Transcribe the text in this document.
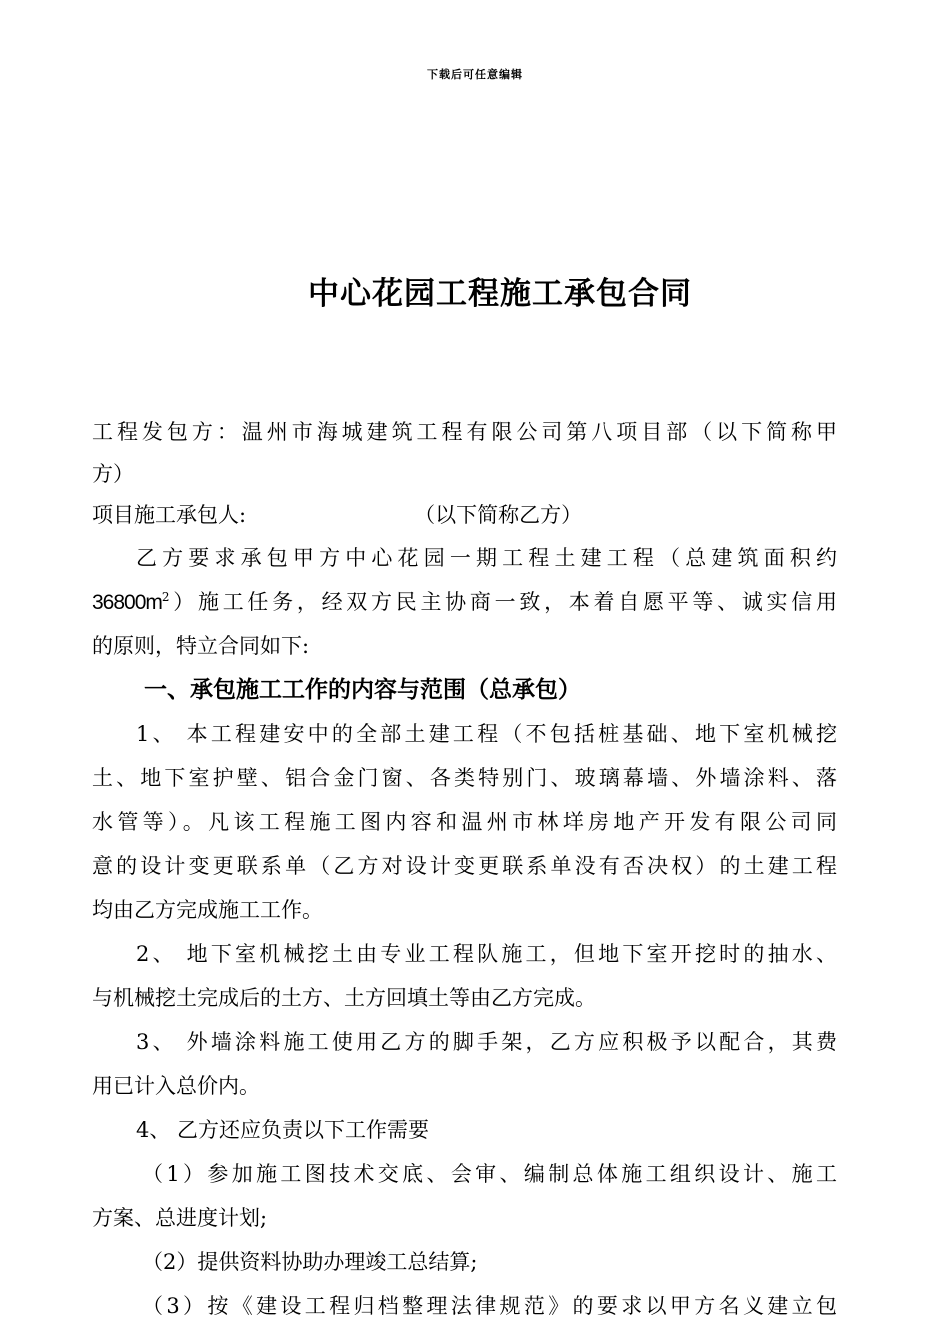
下载后可任意编辑
中心花园工程施工承包合同
工程发包方：温州市海城建筑工程有限公司第八项目部（以下简称甲
方）
项目施工承包人:	（以下简称乙方）
乙方要求承包甲方中心花园一期工程土建工程（总建筑面积约
$36800m^2$）施工任务，经双方民主协商一致，本着自愿平等、诚实信用
的原则，特立合同如下:
一、承包施工工作的内容与范围（总承包）
1、 本工程建安中的全部土建工程（不包括桩基础、地下室机械挖
土、地下室护壁、铝合金门窗、各类特别门、玻璃幕墙、外墙涂料、落
水管等）。凡该工程施工图内容和温州市林垟房地产开发有限公司同
意的设计变更联系单（乙方对设计变更联系单没有否决权）的土建工程
均由乙方完成施工工作。
2、 地下室机械挖土由专业工程队施工，但地下室开挖时的抽水、
与机械挖土完成后的土方、土方回填土等由乙方完成。
3、 外墙涂料施工使用乙方的脚手架，乙方应积极予以配合，其费
用已计入总价内。
4、 乙方还应负责以下工作需要
（1）参加施工图技术交底、会审、编制总体施工组织设计、施工
方案、总进度计划;
（2）提供资料协助办理竣工总结算;
（3）按《建设工程归档整理法律规范》的要求以甲方名义建立包
